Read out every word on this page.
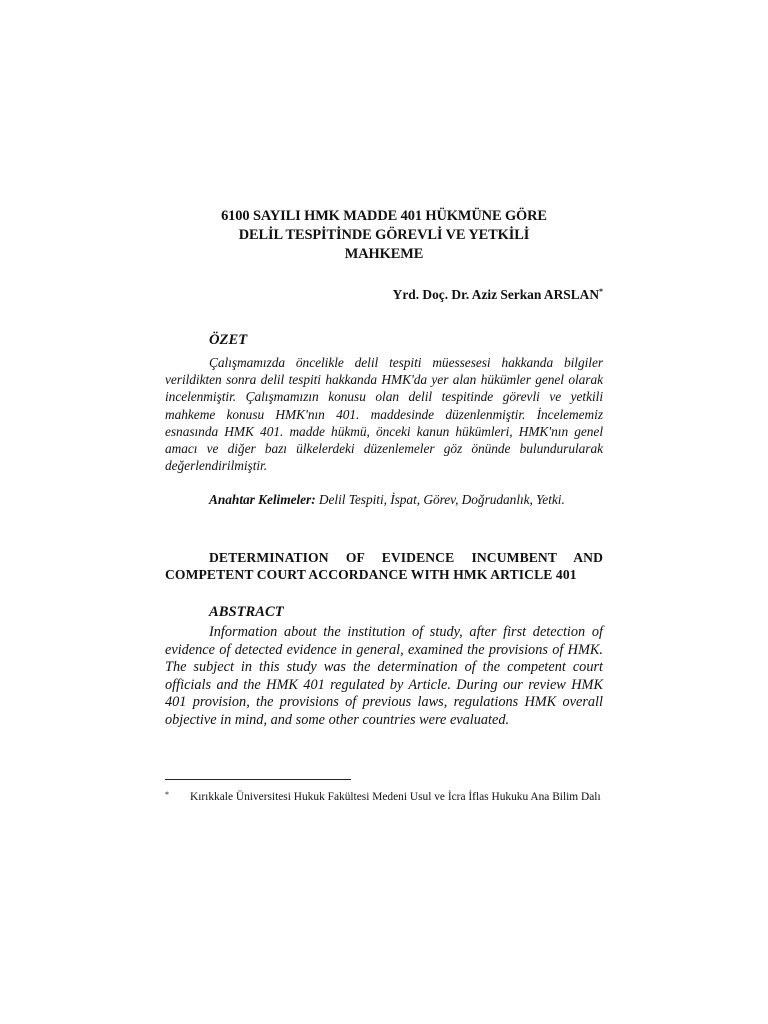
6100 SAYILI HMK MADDE 401 HÜKMÜNE GÖRE
DELİL TESPİTİNDE GÖREVLİ VE YETKİLİ
MAHKEME
Yrd. Doç. Dr. Aziz Serkan ARSLAN*
ÖZET

Çalışmamızda öncelikle delil tespiti müessesesi hakkanda bilgiler verildikten sonra delil tespiti hakkanda HMK'da yer alan hükümler genel olarak incelenmiştir. Çalışmamızın konusu olan delil tespitinde görevli ve yetkili mahkeme konusu HMK'nın 401. maddesinde düzenlenmiştir. İncelememiz esnasında HMK 401. madde hükmü, önceki kanun hükümleri, HMK'nın genel amacı ve diğer bazı ülkelerdeki düzenlemeler göz önünde bulundurularak değerlendirilmiştir.

Anahtar Kelimeler: Delil Tespiti, İspat, Görev, Doğrudanlık, Yetki.

DETERMINATION OF EVIDENCE INCUMBENT AND COMPETENT COURT ACCORDANCE WITH HMK ARTICLE 401
ABSTRACT

Information about the institution of study, after first detection of evidence of detected evidence in general, examined the provisions of HMK. The subject in this study was the determination of the competent court officials and the HMK 401 regulated by Article. During our review HMK 401 provision, the provisions of previous laws, regulations HMK overall objective in mind, and some other countries were evaluated.

* Kırıkkale Üniversitesi Hukuk Fakültesi Medeni Usul ve İcra İflas Hukuku Ana Bilim Dalı
